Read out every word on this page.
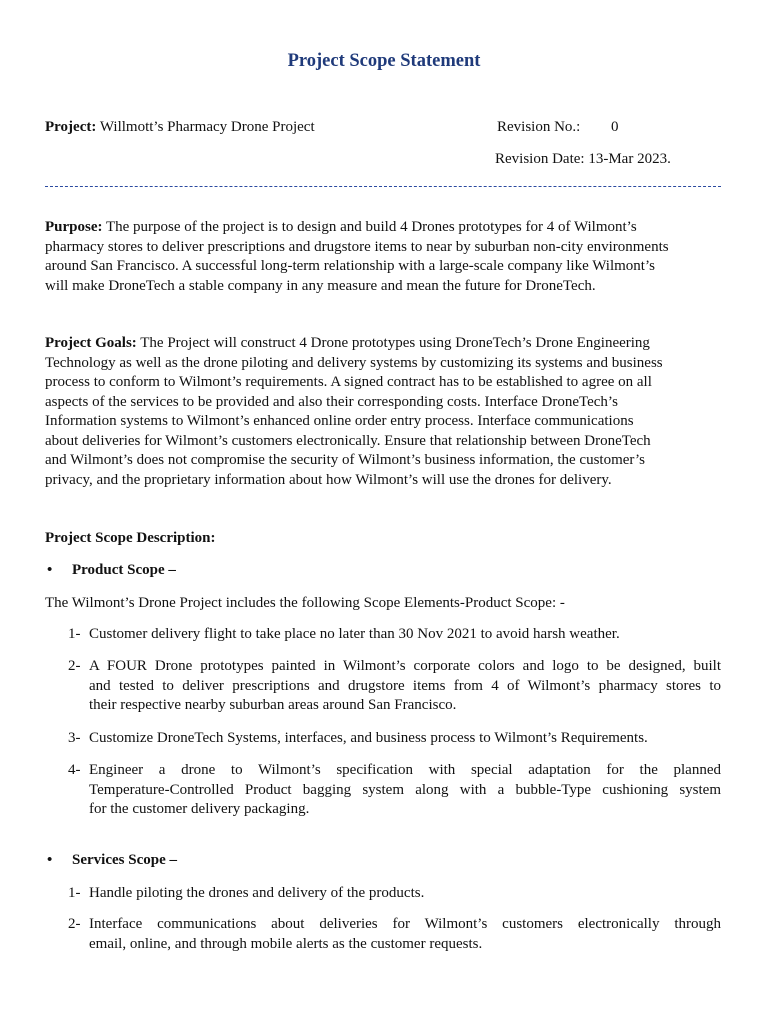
Project Scope Statement
Project: Willmott’s Pharmacy Drone Project	Revision No.: 0
Revision Date: 13-Mar 2023.
Purpose: The purpose of the project is to design and build 4 Drones prototypes for 4 of Wilmont’s
pharmacy stores to deliver prescriptions and drugstore items to near by suburban non-city environments
around San Francisco. A successful long-term relationship with a large-scale company like Wilmont’s
will make DroneTech a stable company in any measure and mean the future for DroneTech.
Project Goals: The Project will construct 4 Drone prototypes using DroneTech’s Drone Engineering
Technology as well as the drone piloting and delivery systems by customizing its systems and business
process to conform to Wilmont’s requirements. A signed contract has to be established to agree on all
aspects of the services to be provided and also their corresponding costs. Interface DroneTech’s
Information systems to Wilmont’s enhanced online order entry process. Interface communications
about deliveries for Wilmont’s customers electronically. Ensure that relationship between DroneTech
and Wilmont’s does not compromise the security of Wilmont’s business information, the customer’s
privacy, and the proprietary information about how Wilmont’s will use the drones for delivery.
Project Scope Description:
• Product Scope –
The Wilmont’s Drone Project includes the following Scope Elements-Product Scope: -
1- Customer delivery flight to take place no later than 30 Nov 2021 to avoid harsh weather.
2- A FOUR Drone prototypes painted in Wilmont’s corporate colors and logo to be designed, built
and tested to deliver prescriptions and drugstore items from 4 of Wilmont’s pharmacy stores to
their respective nearby suburban areas around San Francisco.
3- Customize DroneTech Systems, interfaces, and business process to Wilmont’s Requirements.
4- Engineer a drone to Wilmont’s specification with special adaptation for the planned
Temperature-Controlled Product bagging system along with a bubble-Type cushioning system
for the customer delivery packaging.
• Services Scope –
1- Handle piloting the drones and delivery of the products.
2- Interface communications about deliveries for Wilmont’s customers electronically through
email, online, and through mobile alerts as the customer requests.
